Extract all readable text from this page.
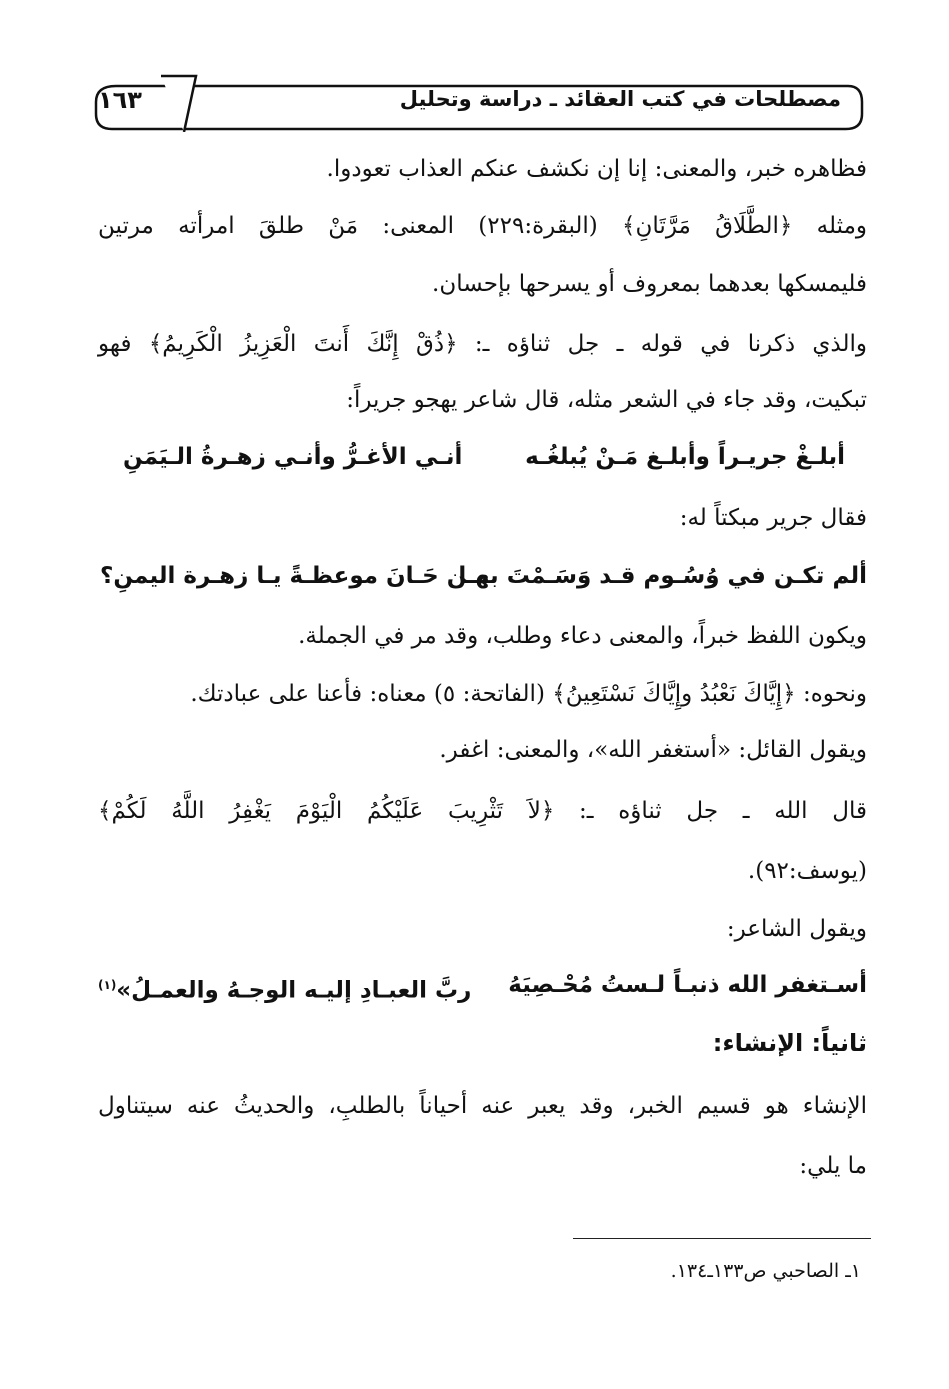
مصطلحات في كتب العقائد ـ دراسة وتحليل
١٦٣
فظاهره خبر، والمعنى: إنا إن نكشف عنكم العذاب تعودوا.
ومثله ﴿الطَّلَاقُ مَرَّتَانِ﴾ (البقرة:٢٢٩) المعنى: مَنْ طلقَ امرأته مرتين
فليمسكها بعدهما بمعروف أو يسرحها بإحسان.
والذي ذكرنا في قوله ـ جل ثناؤه ـ: ﴿ذُقْ إِنَّكَ أَنتَ الْعَزِيزُ الْكَرِيمُ﴾ فهو
تبكيت، وقد جاء في الشعر مثله، قال شاعر يهجو جريراً:
أبلـغْ جريـراً وأبلـغ مَـنْ يُبلغُـه
أنـي الأغـرُّ وأنـي زهـرةُ الـيَمَنِ
فقال جرير مبكتاً له:
ألم تكـن في وُسُـوم قـد وَسَـمْتَ بهـا
مـن حَـانَ موعظـةً يـا زهـرة اليمنِ؟
ويكون اللفظ خبراً، والمعنى دعاء وطلب، وقد مر في الجملة.
ونحوه: ﴿إِيَّاكَ نَعْبُدُ وإِيَّاكَ نَسْتَعِينُ﴾ (الفاتحة: ٥) معناه: فأعنا على عبادتك.
ويقول القائل: «أستغفر الله»، والمعنى: اغفر.
قال الله ـ جل ثناؤه ـ: ﴿لاَ تَثْرِيبَ عَلَيْكُمُ الْيَوْمَ يَغْفِرُ اللَّهُ لَكُمْ﴾
(يوسف:٩٢).
ويقول الشاعر:
أسـتغفر الله ذنبـاً لـستُ مُحْـصِيَهُ
ربَّ العبـادِ إليـه الوجـهُ والعمـلُ»$^{(١)}$
ثانياً: الإنشاء:
الإنشاء هو قسيم الخبر، وقد يعبر عنه أحياناً بالطلبِ، والحديثُ عنه سيتناول
ما يلي:
١ـ الصاحبي ص١٣٣ـ١٣٤.
